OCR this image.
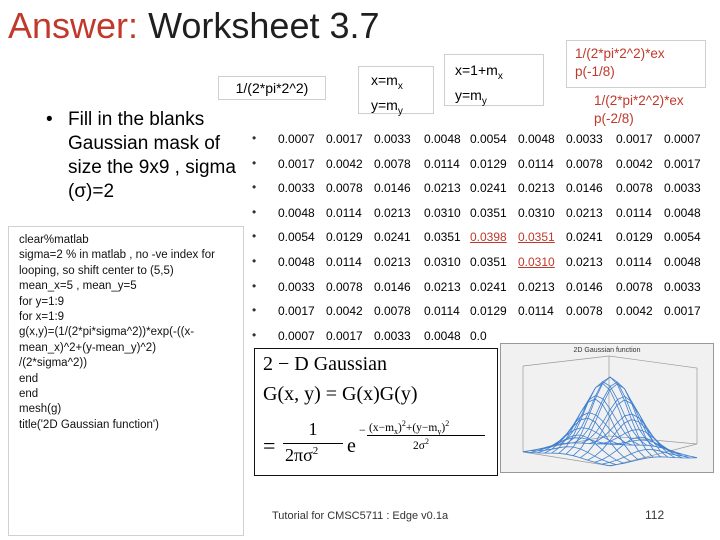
Answer: Worksheet 3.7
1/(2*pi*2^2)	$x=m_x$
$y=m_y$
$x=1+m_x$
$y=m_y$
1/(2*pi*2^2)*ex p(-1/8)
1/(2*pi*2^2)*ex p(-2/8)
• Fill in the blanks Gaussian mask of size the 9x9 , sigma (σ)=2
clear%matlab
sigma=2 % in matlab , no -ve index for looping, so shift center to (5,5)
mean_x=5 , mean_y=5
for y=1:9
for x=1:9
g(x,y)=(1/(2*pi*sigma^2))*exp(-((x-mean_x)^2+(y-mean_y)^2)
/(2*sigma^2))
end
end
mesh(g)
title('2D Gaussian function')
• 0.0007 0.0017 0.0033 0.0048 0.0054 0.0048 0.0033 0.0017 0.0007
• 0.0017 0.0042 0.0078 0.0114 0.0129 0.0114 0.0078 0.0042 0.0017
• 0.0033 0.0078 0.0146 0.0213 0.0241 0.0213 0.0146 0.0078 0.0033
• 0.0048 0.0114 0.0213 0.0310 0.0351 0.0310 0.0213 0.0114 0.0048
• 0.0054 0.0129 0.0241 0.0351 0.0398 0.0351 0.0241 0.0129 0.0054
• 0.0048 0.0114 0.0213 0.0310 0.0351 0.0310 0.0213 0.0114 0.0048
• 0.0033 0.0078 0.0146 0.0213 0.0241 0.0213 0.0146 0.0078 0.0033
• 0.0017 0.0042 0.0078 0.0114 0.0129 0.0114 0.0078 0.0042 0.0017
• 0.0007 0.0017 0.0033 0.0048 0.0
2 − D Gaussian
G(x, y) = G(x)G(y)
=
1
$2\pi\sigma^2$ e
− $(x-m_x)^2+(y-m_y)^2$
$2\sigma^2$
2D Gaussian function
Tutorial for CMSC5711 : Edge v0.1a	112
